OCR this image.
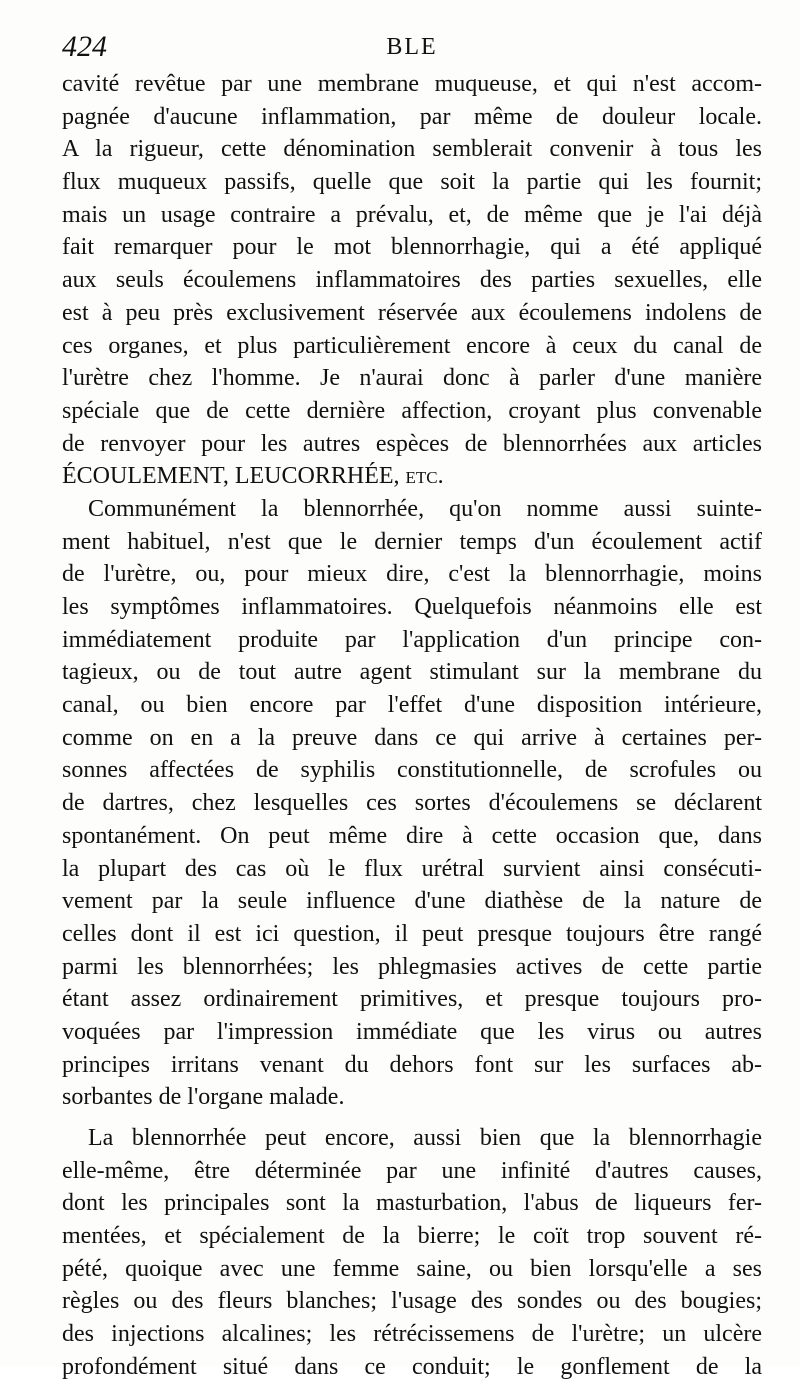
424	BLE
cavité revêtue par une membrane muqueuse, et qui n'est accom-
pagnée d'aucune inflammation, par même de douleur locale.
A la rigueur, cette dénomination semblerait convenir à tous les
flux muqueux passifs, quelle que soit la partie qui les fournit;
mais un usage contraire a prévalu, et, de même que je l'ai déjà
fait remarquer pour le mot blennorrhagie, qui a été appliqué
aux seuls écoulemens inflammatoires des parties sexuelles, elle
est à peu près exclusivement réservée aux écoulemens indolens de
ces organes, et plus particulièrement encore à ceux du canal de
l'urètre chez l'homme. Je n'aurai donc à parler d'une manière
spéciale que de cette dernière affection, croyant plus convenable
de renvoyer pour les autres espèces de blennorrhées aux articles
ÉCOULEMENT, LEUCORRHÉE, etc.
Communément la blennorrhée, qu'on nomme aussi suinte-
ment habituel, n'est que le dernier temps d'un écoulement actif
de l'urètre, ou, pour mieux dire, c'est la blennorrhagie, moins
les symptômes inflammatoires. Quelquefois néanmoins elle est
immédiatement produite par l'application d'un principe con-
tagieux, ou de tout autre agent stimulant sur la membrane du
canal, ou bien encore par l'effet d'une disposition intérieure,
comme on en a la preuve dans ce qui arrive à certaines per-
sonnes affectées de syphilis constitutionnelle, de scrofules ou
de dartres, chez lesquelles ces sortes d'écoulemens se déclarent
spontanément. On peut même dire à cette occasion que, dans
la plupart des cas où le flux urétral survient ainsi consécuti-
vement par la seule influence d'une diathèse de la nature de
celles dont il est ici question, il peut presque toujours être rangé
parmi les blennorrhées; les phlegmasies actives de cette partie
étant assez ordinairement primitives, et presque toujours pro-
voquées par l'impression immédiate que les virus ou autres
principes irritans venant du dehors font sur les surfaces ab-
sorbantes de l'organe malade.
La blennorrhée peut encore, aussi bien que la blennorrhagie
elle-même, être déterminée par une infinité d'autres causes,
dont les principales sont la masturbation, l'abus de liqueurs fer-
mentées, et spécialement de la bierre; le coït trop souvent ré-
pété, quoique avec une femme saine, ou bien lorsqu'elle a ses
règles ou des fleurs blanches; l'usage des sondes ou des bougies;
des injections alcalines; les rétrécissemens de l'urètre; un ulcère
profondément situé dans ce conduit; le gonflement de la
